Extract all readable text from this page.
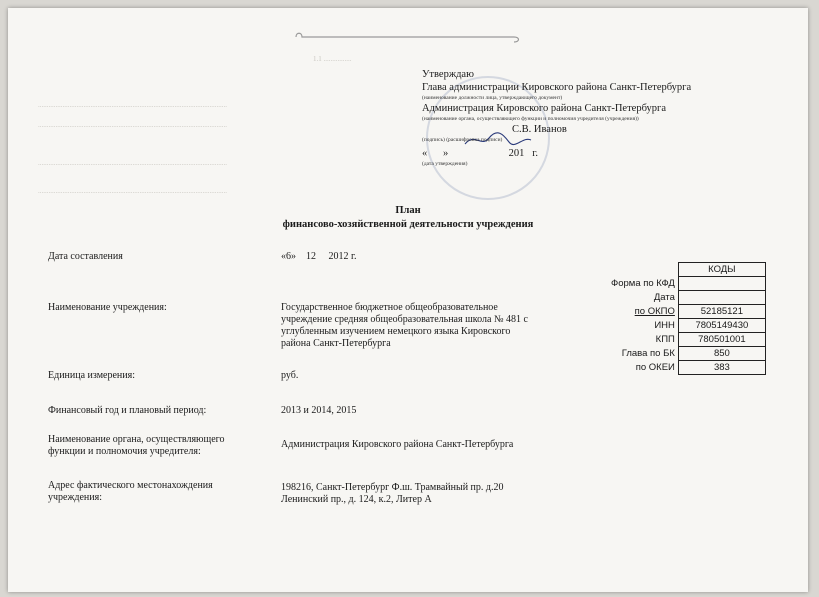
1.1 ................
............................................................................................................
............................................................................................................
............................................................................................................
............................................................................................................
Утверждаю
Глава администрации Кировского района Санкт-Петербурга
(наименование должности лица, утверждающего документ)
Администрация Кировского района Санкт-Петербурга
(наименование органа, осуществляющего функции и полномочия учредителя (учреждения))
С.В. Иванов
(подпись) (расшифровка подписи)
«      »                       201   г.
(дата утверждения)
План
финансово-хозяйственной деятельности учреждения
Дата составления	«6»    12     2012 г.
Наименование учреждения:	Государственное бюджетное общеобразовательное
учреждение средняя общеобразовательная школа № 481 с
углубленным изучением немецкого языка Кировского
района Санкт-Петербурга
Единица измерения:	руб.
Финансовый год и плановый период:	2013 и 2014, 2015
Наименование органа, осуществляющего
функции и полномочия учредителя:
Администрация Кировского района Санкт-Петербурга
Адрес фактического местонахождения
учреждения:
198216, Санкт-Петербург Ф.ш. Трамвайный пр. д.20
Ленинский пр., д. 124, к.2, Литер А
	КОДЫ
Форма по КФД	
Дата	
по ОКПО	52185121
ИНН	7805149430
КПП	780501001
Глава по БК	850
по ОКЕИ	383
